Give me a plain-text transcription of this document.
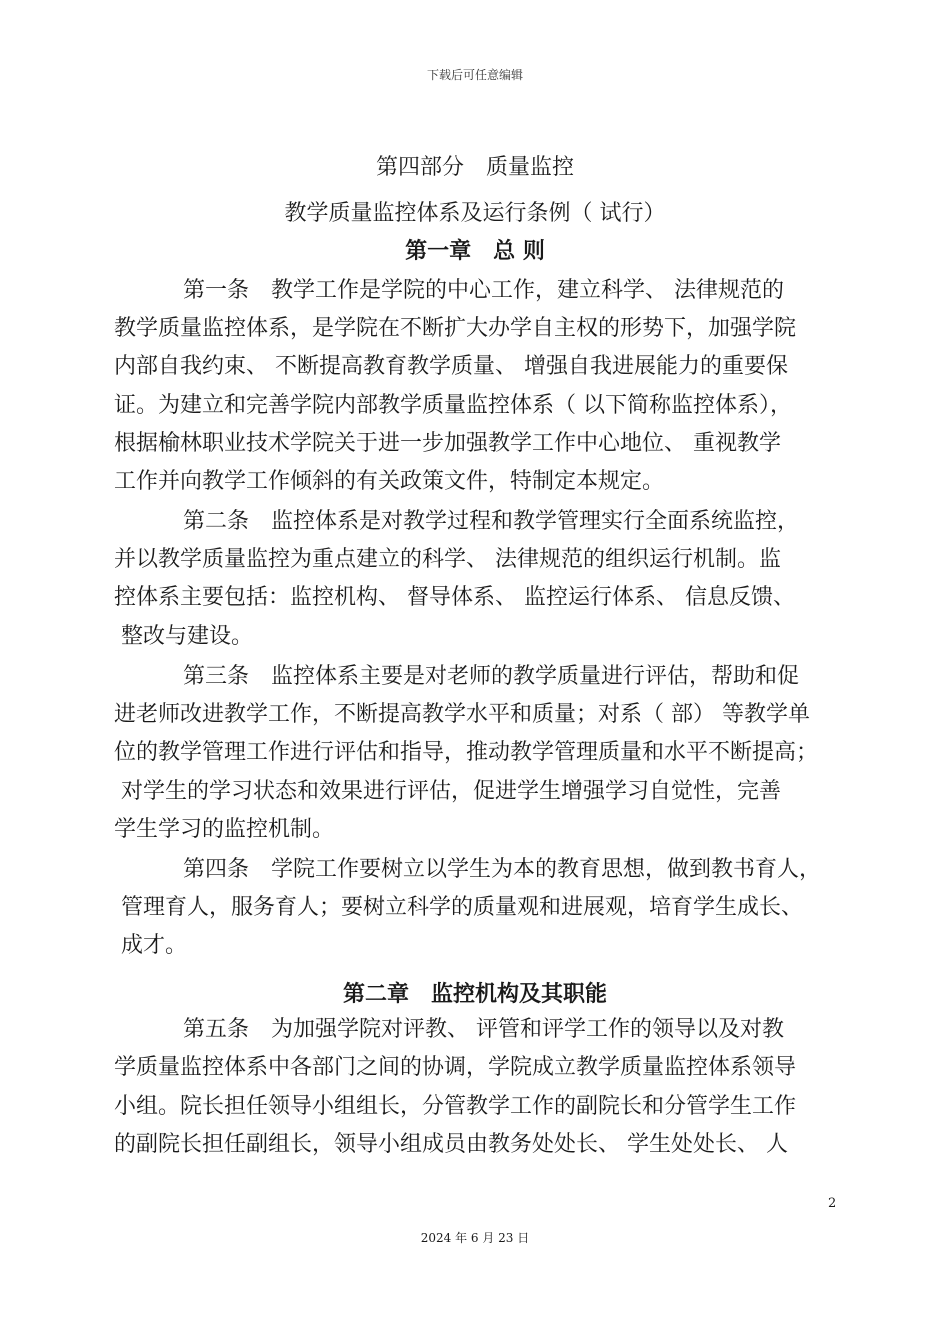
下载后可任意编辑
第四部分　质量监控
教学质量监控体系及运行条例（ 试行）
第一章　总 则
第一条　教学工作是学院的中心工作，建立科学、 法律规范的
教学质量监控体系，是学院在不断扩大办学自主权的形势下，加强学院
内部自我约束、 不断提高教育教学质量、 增强自我进展能力的重要保
证。为建立和完善学院内部教学质量监控体系（ 以下简称监控体系），
根据榆林职业技术学院关于进一步加强教学工作中心地位、 重视教学
工作并向教学工作倾斜的有关政策文件，特制定本规定。
第二条　监控体系是对教学过程和教学管理实行全面系统监控，
并以教学质量监控为重点建立的科学、 法律规范的组织运行机制。监
控体系主要包括：监控机构、 督导体系、 监控运行体系、 信息反馈、
整改与建设。
第三条　监控体系主要是对老师的教学质量进行评估，帮助和促
进老师改进教学工作，不断提高教学水平和质量；对系（ 部） 等教学单
位的教学管理工作进行评估和指导，推动教学管理质量和水平不断提高；
对学生的学习状态和效果进行评估，促进学生增强学习自觉性，完善
学生学习的监控机制。
第四条　学院工作要树立以学生为本的教育思想，做到教书育人，
管理育人，服务育人；要树立科学的质量观和进展观，培育学生成长、
成才。
第二章　监控机构及其职能
第五条　为加强学院对评教、 评管和评学工作的领导以及对教
学质量监控体系中各部门之间的协调，学院成立教学质量监控体系领导
小组。院长担任领导小组组长，分管教学工作的副院长和分管学生工作
的副院长担任副组长，领导小组成员由教务处处长、 学生处处长、 人
2
2024 年 6 月 23 日
